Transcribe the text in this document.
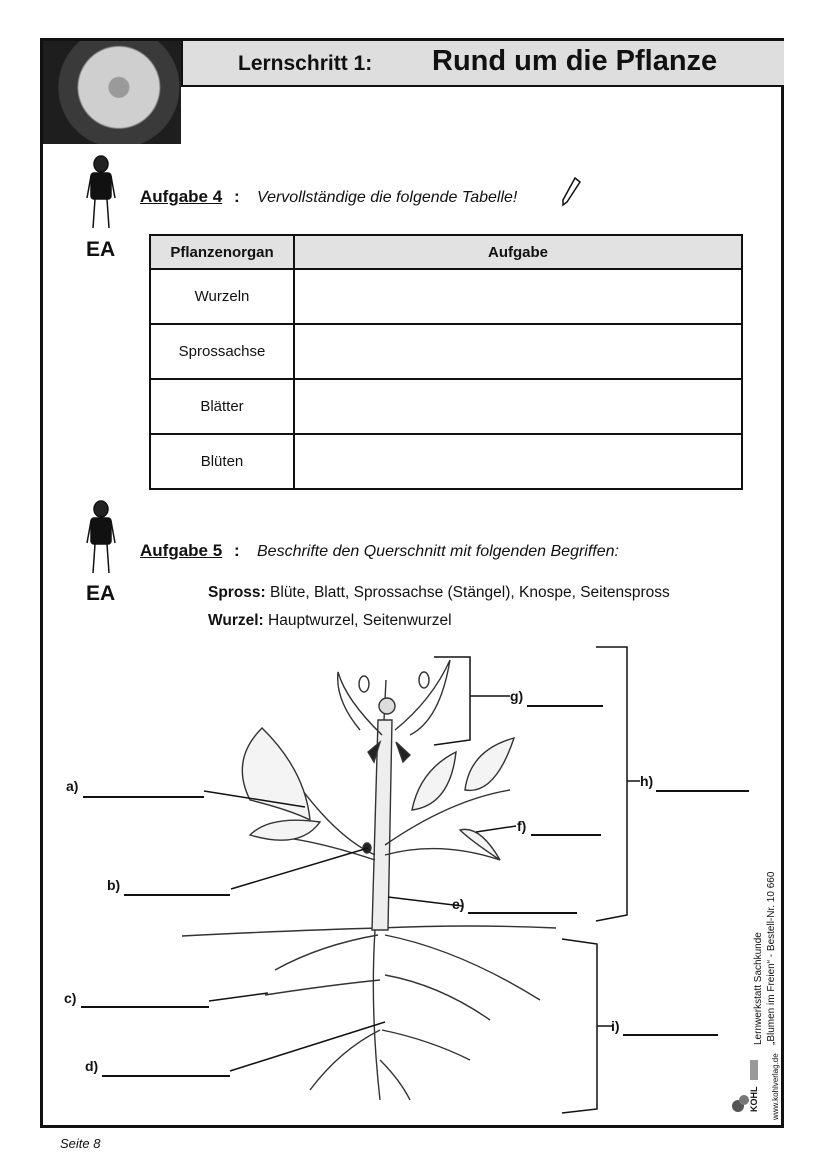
Lernschritt 1: Rund um die Pflanze
EA
Aufgabe 4 : Vervollständige die folgende Tabelle!
Pflanzenorgan	Aufgabe
Wurzeln	
Sprossachse	
Blätter	
Blüten	
EA
Aufgabe 5 : Beschrifte den Querschnitt mit folgenden Begriffen:
Spross: Blüte, Blatt, Sprossachse (Stängel), Knospe, Seitenspross
Wurzel: Hauptwurzel, Seitenwurzel
a)
b)
c)
d)
e)
f)
g)
h)
i)	Lernwerkstatt Sachkunde „Blumen im Freien“ - Bestell-Nr. 10 660
KOHL www.kohlverlag.de
Seite 8
